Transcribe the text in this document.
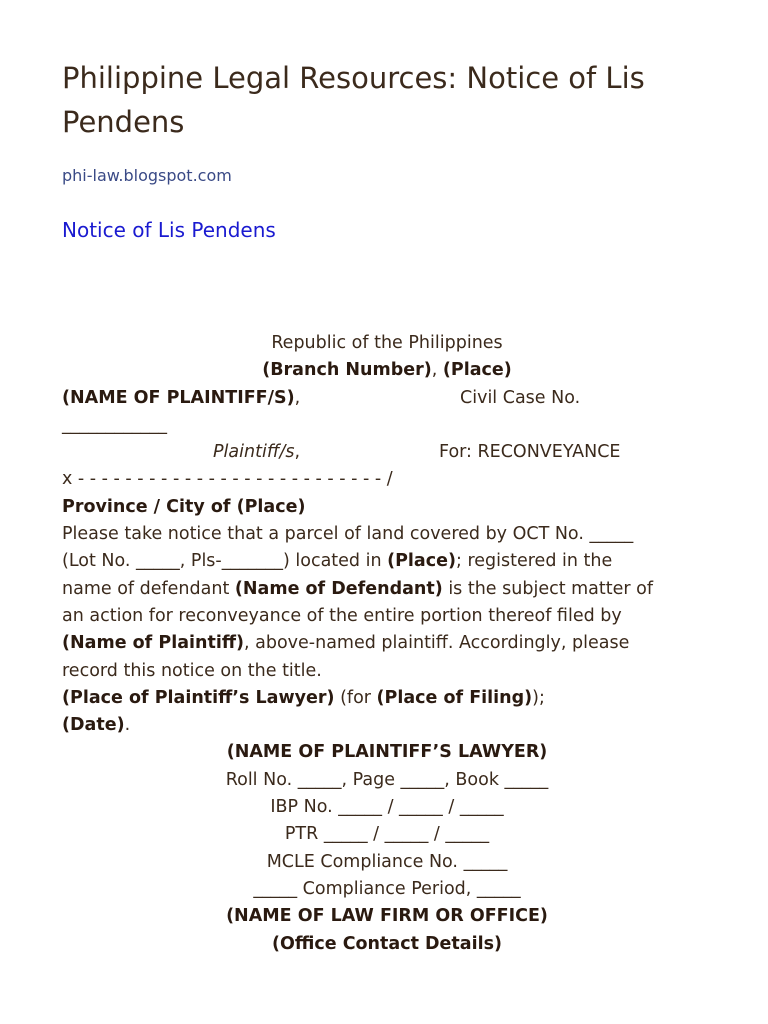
Philippine Legal Resources: Notice of Lis Pendens
phi-law.blogspot.com
Notice of Lis Pendens
Republic of the Philippines
(Branch Number), (Place)
(NAME OF PLAINTIFF/S),	Civil Case No.
____________
Plaintiff/s,	For: RECONVEYANCE
x - - - - - - - - - - - - - - - - - - - - - - - - - - /
Province / City of (Place)
Please take notice that a parcel of land covered by OCT No. _____
(Lot No. _____, Pls-_______) located in (Place); registered in the
name of defendant (Name of Defendant) is the subject matter of
an action for reconveyance of the entire portion thereof filed by
(Name of Plaintiff), above-named plaintiff. Accordingly, please
record this notice on the title.
(Place of Plaintiff’s Lawyer) (for (Place of Filing));
(Date).
(NAME OF PLAINTIFF’S LAWYER)
Roll No. _____, Page _____, Book _____
IBP No. _____ / _____ / _____
PTR _____ / _____ / _____
MCLE Compliance No. _____
_____ Compliance Period, _____
(NAME OF LAW FIRM OR OFFICE)
(Office Contact Details)
